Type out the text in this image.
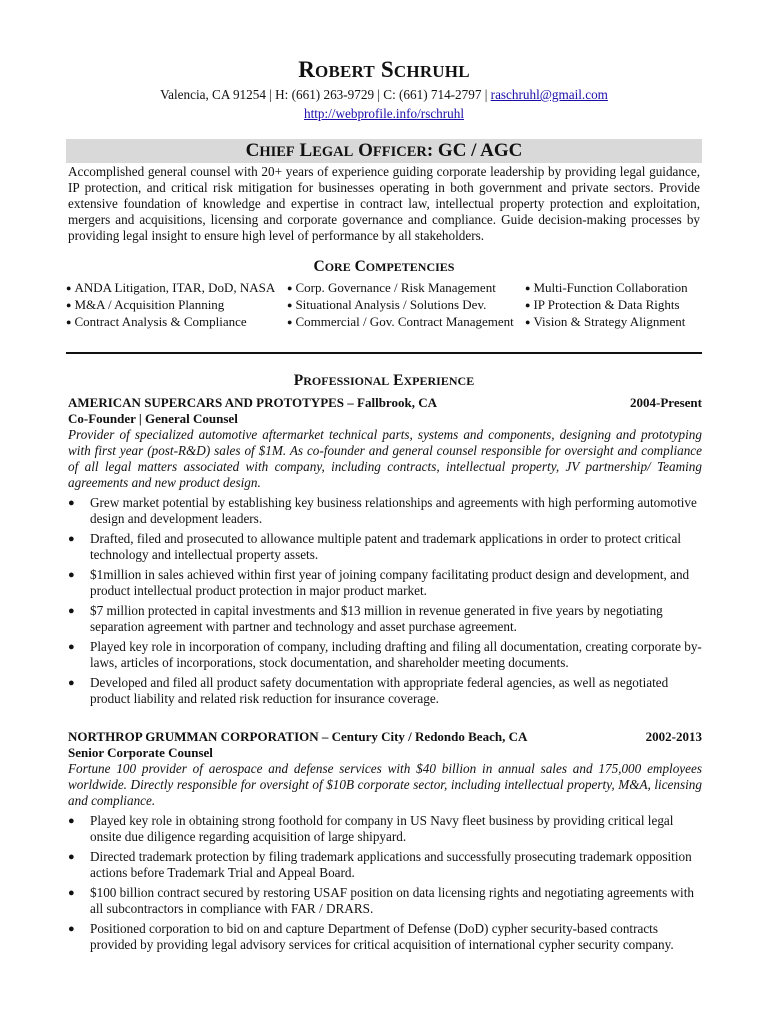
ROBERT SCHRUHL
Valencia, CA 91254 | H: (661) 263-9729 | C: (661) 714-2797 | raschruhl@gmail.com
http://webprofile.info/rschruhl
CHIEF LEGAL OFFICER: GC / AGC
Accomplished general counsel with 20+ years of experience guiding corporate leadership by providing legal guidance, IP protection, and critical risk mitigation for businesses operating in both government and private sectors. Provide extensive foundation of knowledge and expertise in contract law, intellectual property protection and exploitation, mergers and acquisitions, licensing and corporate governance and compliance. Guide decision-making processes by providing legal insight to ensure high level of performance by all stakeholders.
CORE COMPETENCIES
● ANDA Litigation, ITAR, DoD, NASA
● M&A / Acquisition Planning
● Contract Analysis & Compliance
● Corp. Governance / Risk Management
● Situational Analysis / Solutions Dev.
● Commercial / Gov. Contract Management
● Multi-Function Collaboration
● IP Protection & Data Rights
● Vision & Strategy Alignment
PROFESSIONAL EXPERIENCE
AMERICAN SUPERCARS AND PROTOTYPES – Fallbrook, CA	2004-Present
Co-Founder | General Counsel
Provider of specialized automotive aftermarket technical parts, systems and components, designing and prototyping with first year (post-R&D) sales of $1M. As co-founder and general counsel responsible for oversight and compliance of all legal matters associated with company, including contracts, intellectual property, JV partnership/ Teaming agreements and new product design.
● Grew market potential by establishing key business relationships and agreements with high performing automotive design and development leaders.
● Drafted, filed and prosecuted to allowance multiple patent and trademark applications in order to protect critical technology and intellectual property assets.
● $1million in sales achieved within first year of joining company facilitating product design and development, and product intellectual product protection in major product market.
● $7 million protected in capital investments and $13 million in revenue generated in five years by negotiating separation agreement with partner and technology and asset purchase agreement.
● Played key role in incorporation of company, including drafting and filing all documentation, creating corporate by-laws, articles of incorporations, stock documentation, and shareholder meeting documents.
● Developed and filed all product safety documentation with appropriate federal agencies, as well as negotiated product liability and related risk reduction for insurance coverage.
NORTHROP GRUMMAN CORPORATION – Century City / Redondo Beach, CA	2002-2013
Senior Corporate Counsel
Fortune 100 provider of aerospace and defense services with $40 billion in annual sales and 175,000 employees worldwide. Directly responsible for oversight of $10B corporate sector, including intellectual property, M&A, licensing and compliance.
● Played key role in obtaining strong foothold for company in US Navy fleet business by providing critical legal onsite due diligence regarding acquisition of large shipyard.
● Directed trademark protection by filing trademark applications and successfully prosecuting trademark opposition actions before Trademark Trial and Appeal Board.
● $100 billion contract secured by restoring USAF position on data licensing rights and negotiating agreements with all subcontractors in compliance with FAR / DRARS.
● Positioned corporation to bid on and capture Department of Defense (DoD) cypher security-based contracts provided by providing legal advisory services for critical acquisition of international cypher security company.
